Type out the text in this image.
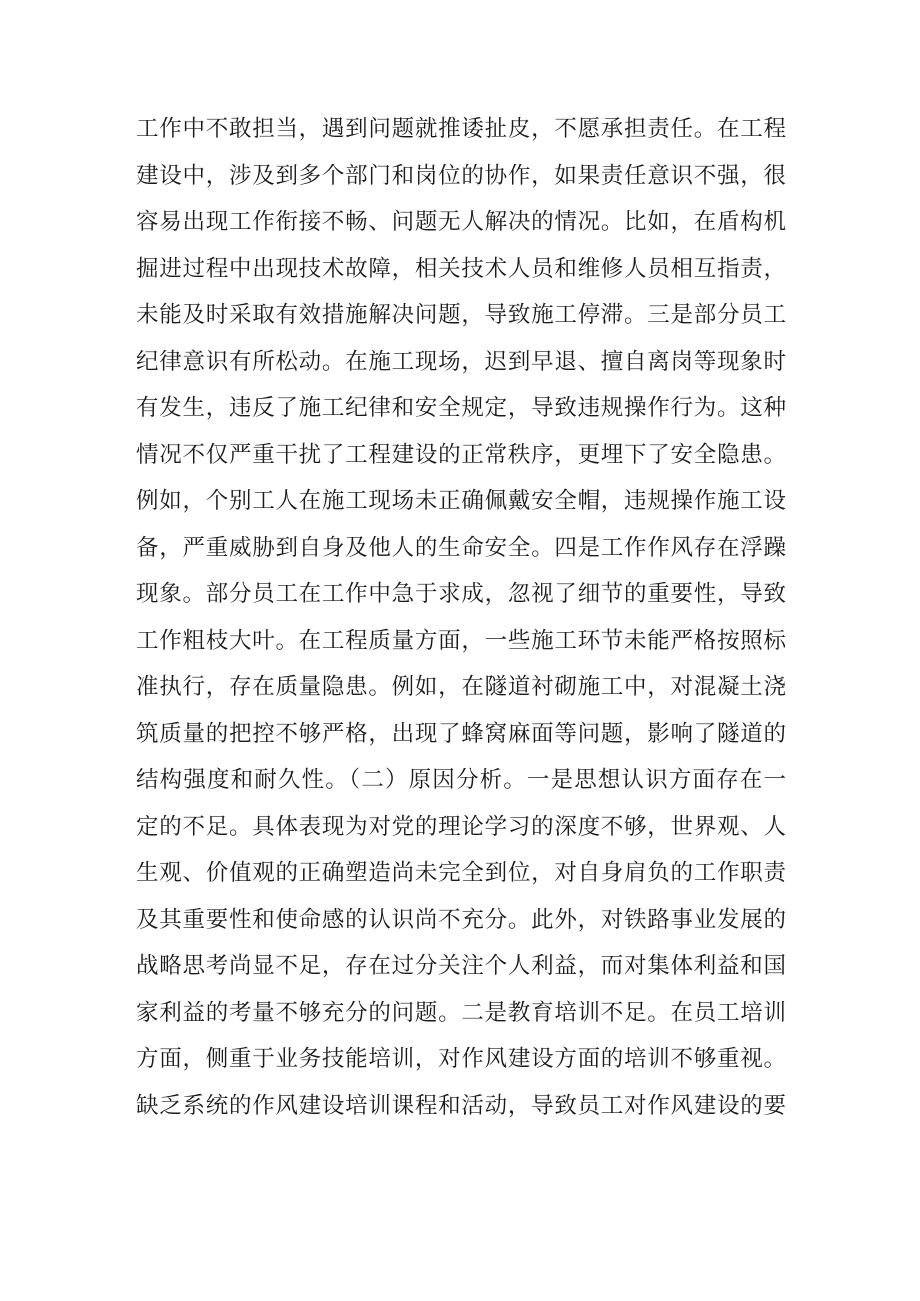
工作中不敢担当，遇到问题就推诿扯皮，不愿承担责任。在工程
建设中，涉及到多个部门和岗位的协作，如果责任意识不强，很
容易出现工作衔接不畅、问题无人解决的情况。比如，在盾构机
掘进过程中出现技术故障，相关技术人员和维修人员相互指责，
未能及时采取有效措施解决问题，导致施工停滞。三是部分员工
纪律意识有所松动。在施工现场，迟到早退、擅自离岗等现象时
有发生，违反了施工纪律和安全规定，导致违规操作行为。这种
情况不仅严重干扰了工程建设的正常秩序，更埋下了安全隐患。
例如，个别工人在施工现场未正确佩戴安全帽，违规操作施工设
备，严重威胁到自身及他人的生命安全。四是工作作风存在浮躁
现象。部分员工在工作中急于求成，忽视了细节的重要性，导致
工作粗枝大叶。在工程质量方面，一些施工环节未能严格按照标
准执行，存在质量隐患。例如，在隧道衬砌施工中，对混凝土浇
筑质量的把控不够严格，出现了蜂窝麻面等问题，影响了隧道的
结构强度和耐久性。（二）原因分析。一是思想认识方面存在一
定的不足。具体表现为对党的理论学习的深度不够，世界观、人
生观、价值观的正确塑造尚未完全到位，对自身肩负的工作职责
及其重要性和使命感的认识尚不充分。此外，对铁路事业发展的
战略思考尚显不足，存在过分关注个人利益，而对集体利益和国
家利益的考量不够充分的问题。二是教育培训不足。在员工培训
方面，侧重于业务技能培训，对作风建设方面的培训不够重视。
缺乏系统的作风建设培训课程和活动，导致员工对作风建设的要
